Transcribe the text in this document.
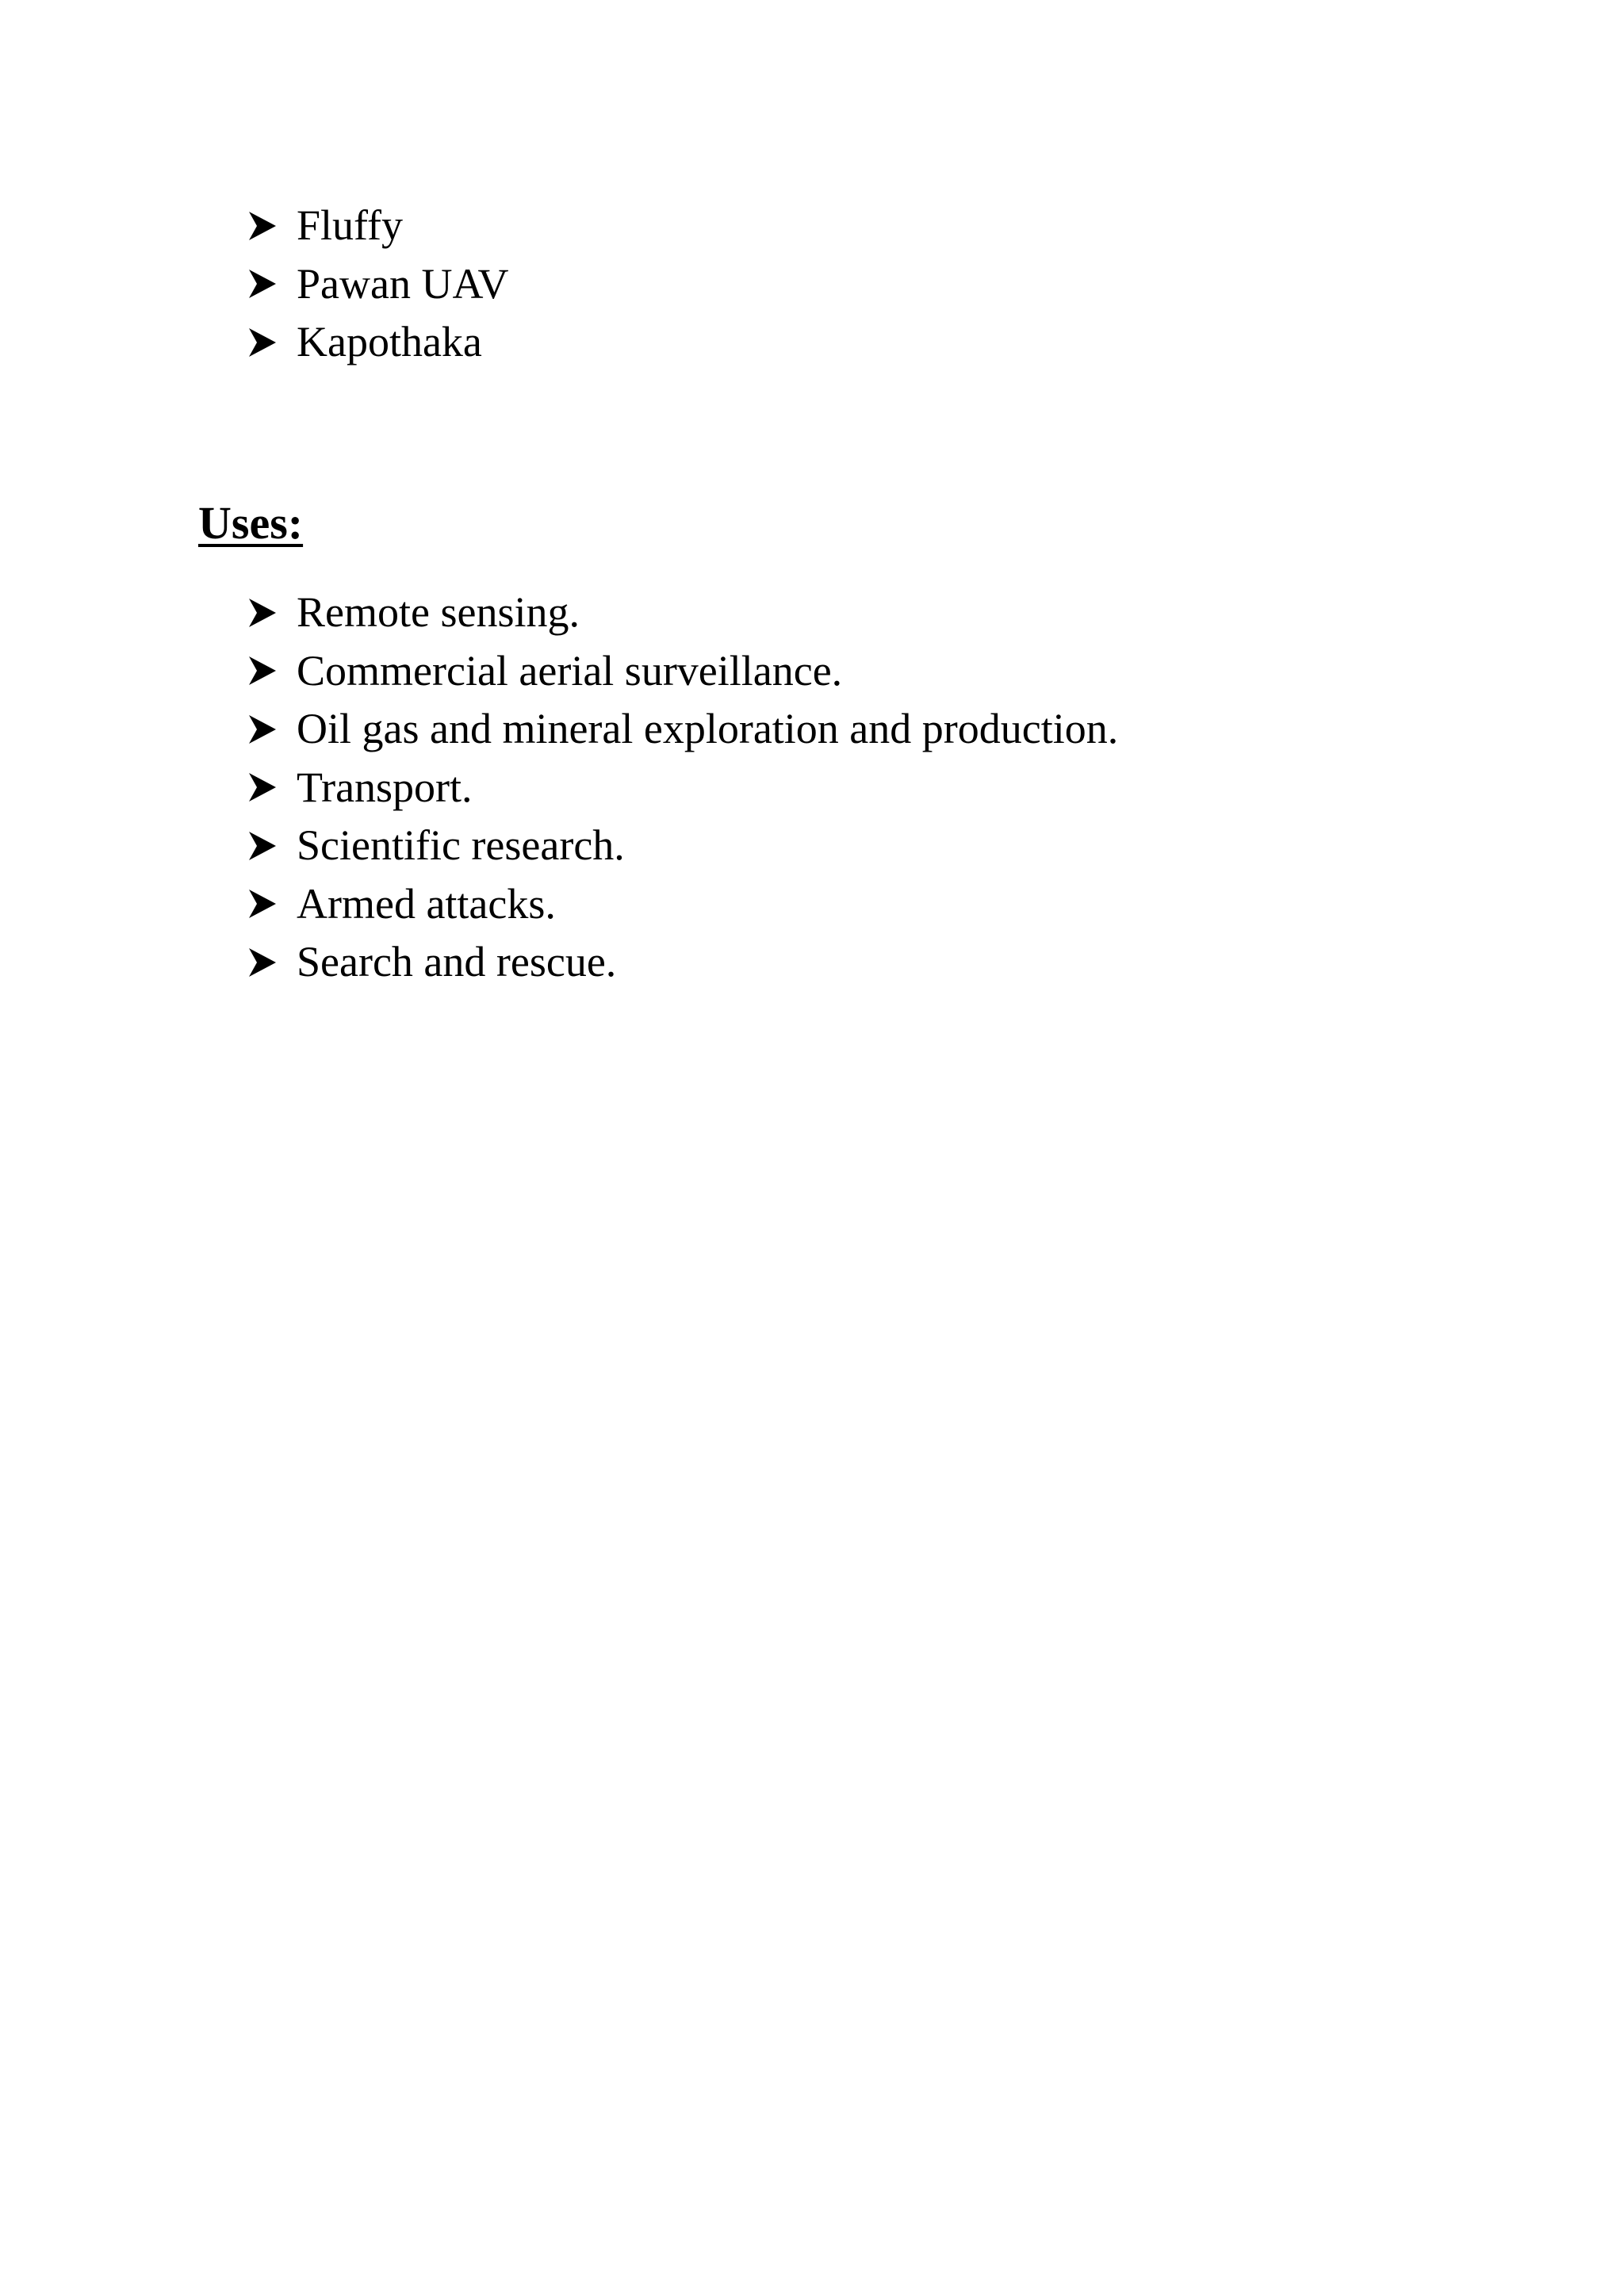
Fluffy
Pawan UAV
Kapothaka
Uses:
Remote sensing.
Commercial aerial surveillance.
Oil gas and mineral exploration and production.
Transport.
Scientific research.
Armed attacks.
Search and rescue.
